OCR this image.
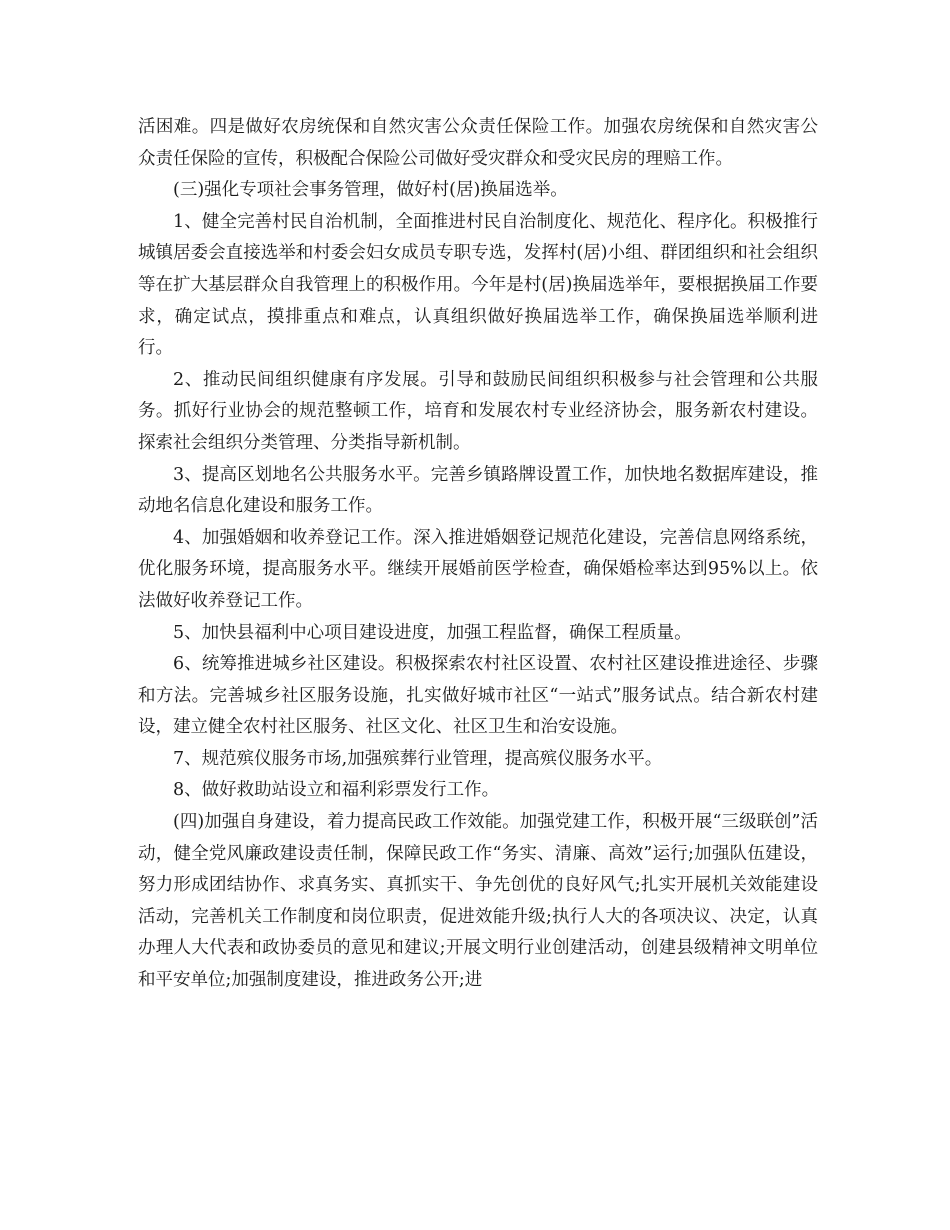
活困难。四是做好农房统保和自然灾害公众责任保险工作。加强农房统保和自然灾害公众责任保险的宣传，积极配合保险公司做好受灾群众和受灾民房的理赔工作。

(三)强化专项社会事务管理，做好村(居)换届选举。

1、健全完善村民自治机制，全面推进村民自治制度化、规范化、程序化。积极推行城镇居委会直接选举和村委会妇女成员专职专选，发挥村(居)小组、群团组织和社会组织等在扩大基层群众自我管理上的积极作用。今年是村(居)换届选举年，要根据换届工作要求，确定试点，摸排重点和难点，认真组织做好换届选举工作，确保换届选举顺利进行。

2、推动民间组织健康有序发展。引导和鼓励民间组织积极参与社会管理和公共服务。抓好行业协会的规范整顿工作，培育和发展农村专业经济协会，服务新农村建设。探索社会组织分类管理、分类指导新机制。

3、提高区划地名公共服务水平。完善乡镇路牌设置工作，加快地名数据库建设，推动地名信息化建设和服务工作。

4、加强婚姻和收养登记工作。深入推进婚姻登记规范化建设，完善信息网络系统，优化服务环境，提高服务水平。继续开展婚前医学检查，确保婚检率达到95%以上。依法做好收养登记工作。

5、加快县福利中心项目建设进度，加强工程监督，确保工程质量。

6、统筹推进城乡社区建设。积极探索农村社区设置、农村社区建设推进途径、步骤和方法。完善城乡社区服务设施，扎实做好城市社区“一站式”服务试点。结合新农村建设，建立健全农村社区服务、社区文化、社区卫生和治安设施。

7、规范殡仪服务市场,加强殡葬行业管理，提高殡仪服务水平。

8、做好救助站设立和福利彩票发行工作。

(四)加强自身建设，着力提高民政工作效能。加强党建工作，积极开展“三级联创”活动，健全党风廉政建设责任制，保障民政工作“务实、清廉、高效”运行;加强队伍建设，努力形成团结协作、求真务实、真抓实干、争先创优的良好风气;扎实开展机关效能建设活动，完善机关工作制度和岗位职责，促进效能升级;执行人大的各项决议、决定，认真办理人大代表和政协委员的意见和建议;开展文明行业创建活动，创建县级精神文明单位和平安单位;加强制度建设，推进政务公开;进
